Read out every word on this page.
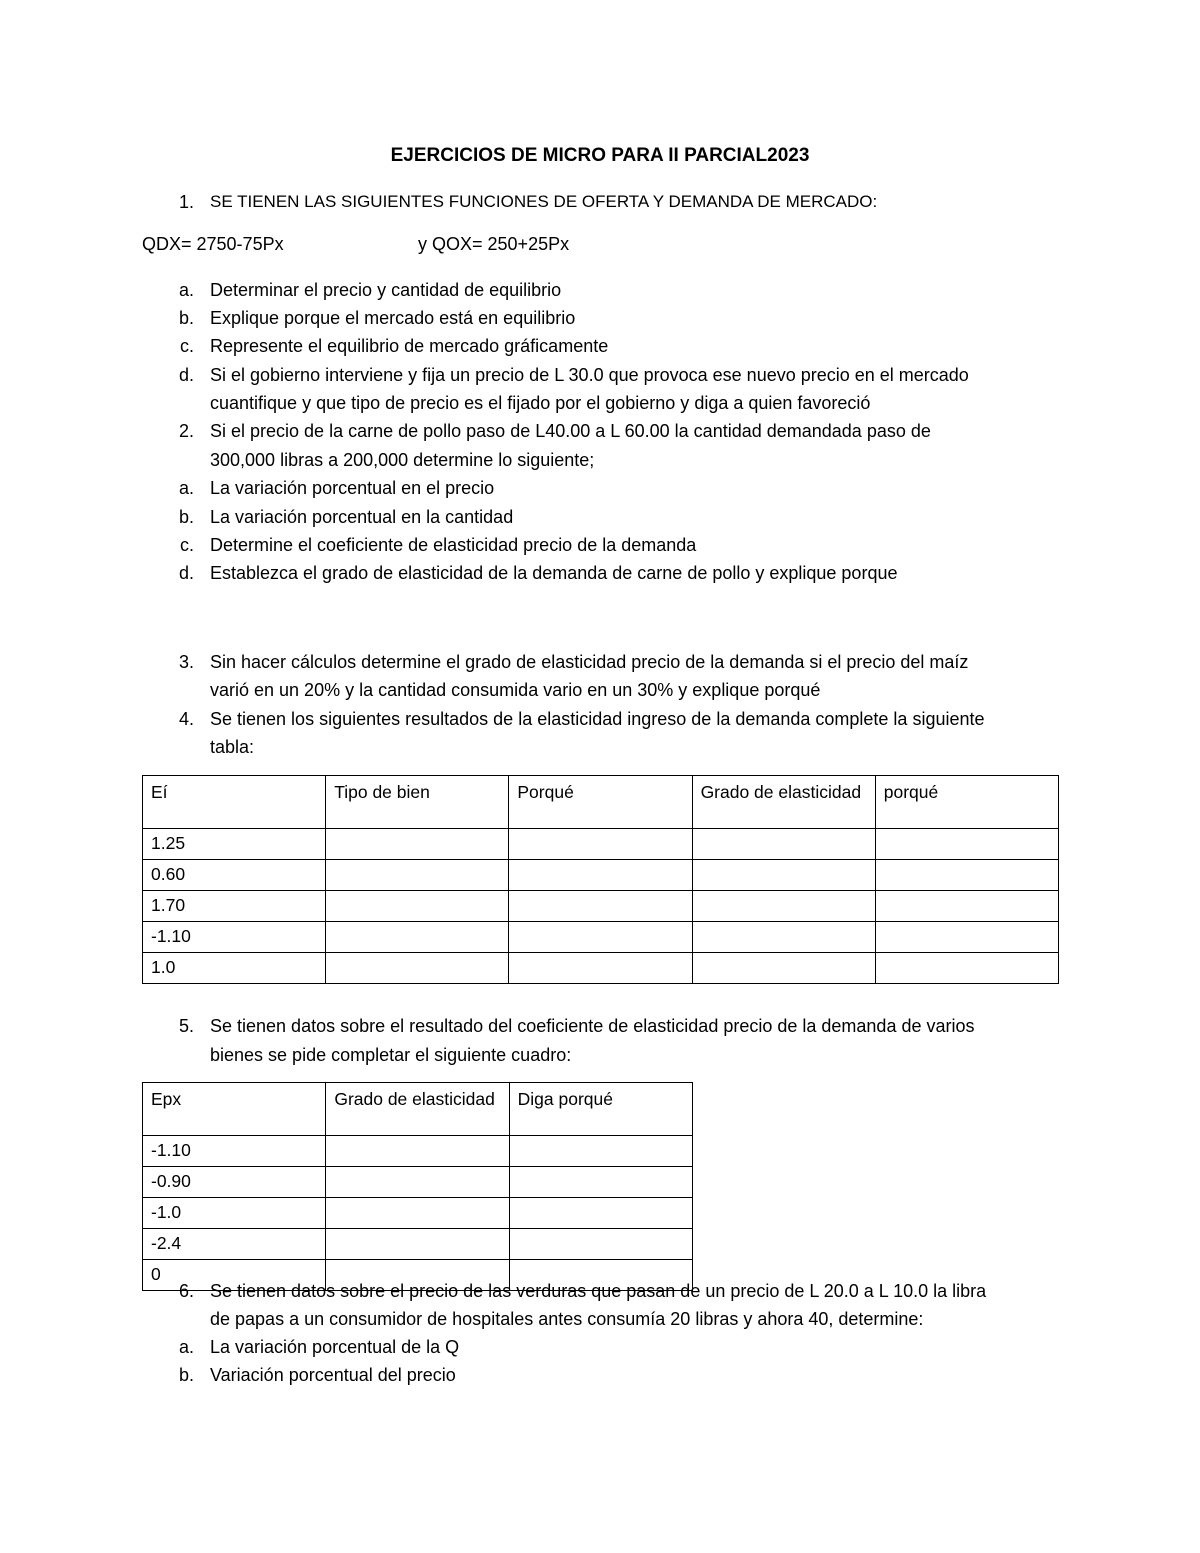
EJERCICIOS DE MICRO PARA II PARCIAL2023
1. SE TIENEN LAS SIGUIENTES FUNCIONES DE OFERTA Y DEMANDA DE MERCADO:
QDX= 2750-75Px	y QOX= 250+25Px
a. Determinar el precio y cantidad de equilibrio
b. Explique porque el mercado está en equilibrio
c. Represente el equilibrio de mercado gráficamente
d. Si el gobierno interviene y fija un precio de L 30.0 que provoca ese nuevo precio en el mercado
cuantifique y que tipo de precio es el fijado por el gobierno y diga a quien favoreció
2. Si el precio de la carne de pollo paso de L40.00 a L 60.00 la cantidad demandada paso de
300,000 libras a 200,000 determine lo siguiente;
a. La variación porcentual en el precio
b. La variación porcentual en la cantidad
c. Determine el coeficiente de elasticidad precio de la demanda
d. Establezca el grado de elasticidad de la demanda de carne de pollo y explique porque
3. Sin hacer cálculos determine el grado de elasticidad precio de la demanda si el precio del maíz
varió en un 20% y la cantidad consumida vario en un 30% y explique porqué
4. Se tienen los siguientes resultados de la elasticidad ingreso de la demanda complete la siguiente
tabla:
Eí	Tipo de bien	Porqué	Grado de elasticidad	porqué
1.25				
0.60				
1.70				
-1.10				
1.0				
5. Se tienen datos sobre el resultado del coeficiente de elasticidad precio de la demanda de varios
bienes se pide completar el siguiente cuadro:
Epx	Grado de elasticidad	Diga porqué
-1.10		
-0.90		
-1.0		
-2.4		
0		
6. Se tienen datos sobre el precio de las verduras que pasan de un precio de L 20.0 a L 10.0 la libra
de papas a un consumidor de hospitales antes consumía 20 libras y ahora 40, determine:
a. La variación porcentual de la Q
b. Variación porcentual del precio
